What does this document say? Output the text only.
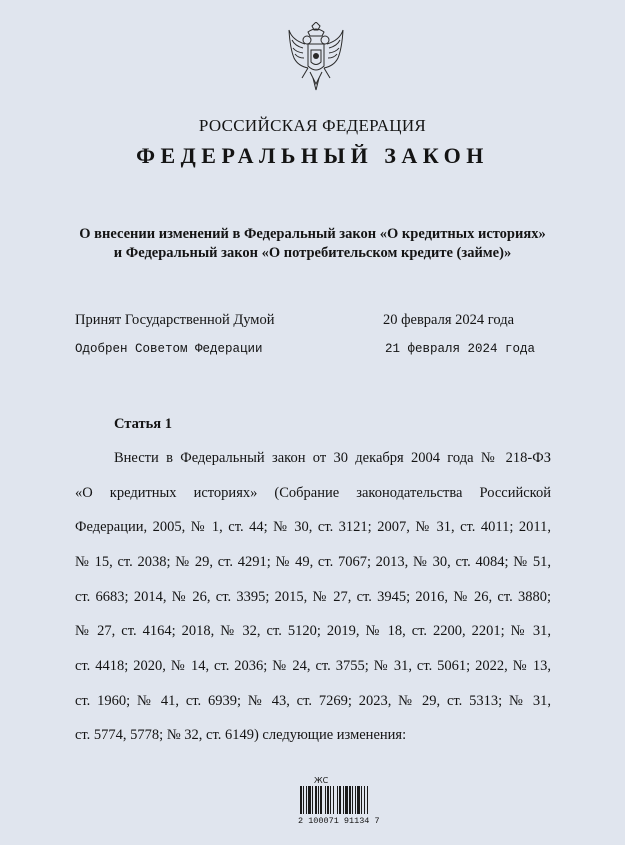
РОССИЙСКАЯ ФЕДЕРАЦИЯ
ФЕДЕРАЛЬНЫЙ ЗАКОН
О внесении изменений в Федеральный закон «О кредитных историях»
и Федеральный закон «О потребительском кредите (займе)»
Принят Государственной Думой	20 февраля 2024 года
Одобрен Советом Федерации	21 февраля 2024 года
Статья 1
Внести в Федеральный закон от 30 декабря 2004 года № 218-ФЗ
«О кредитных историях» (Собрание законодательства Российской
Федерации, 2005, № 1, ст. 44; № 30, ст. 3121; 2007, № 31, ст. 4011; 2011,
№ 15, ст. 2038; № 29, ст. 4291; № 49, ст. 7067; 2013, № 30, ст. 4084; № 51,
ст. 6683; 2014, № 26, ст. 3395; 2015, № 27, ст. 3945; 2016, № 26, ст. 3880;
№ 27, ст. 4164; 2018, № 32, ст. 5120; 2019, № 18, ст. 2200, 2201; № 31,
ст. 4418; 2020, № 14, ст. 2036; № 24, ст. 3755; № 31, ст. 5061; 2022, № 13,
ст. 1960; № 41, ст. 6939; № 43, ст. 7269; 2023, № 29, ст. 5313; № 31,
ст. 5774, 5778; № 32, ст. 6149) следующие изменения:
ЖС
2 100071 91134 7
